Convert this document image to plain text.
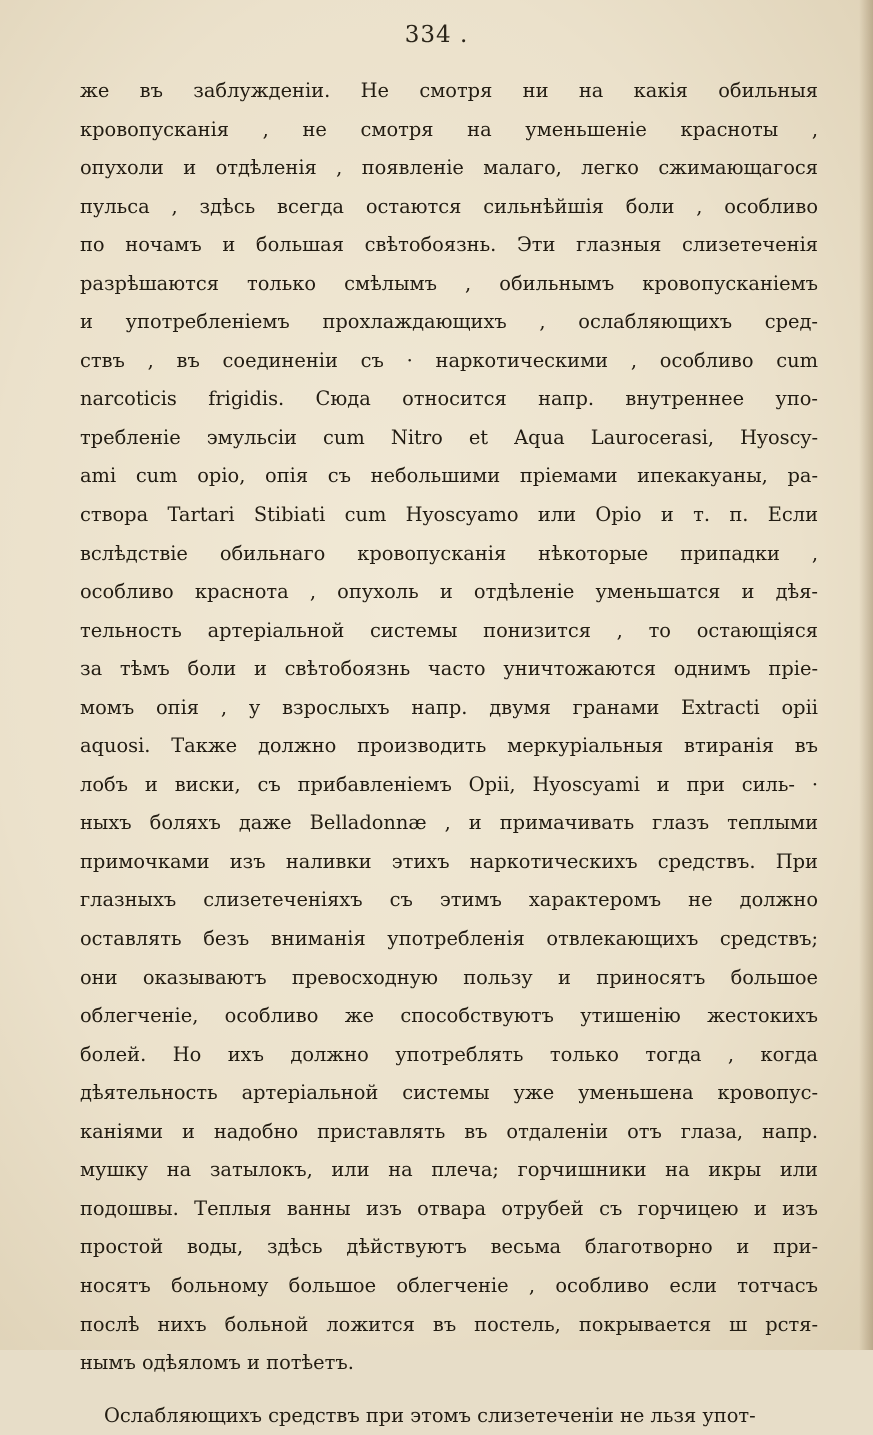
334 .
же въ заблужденіи. Не смотря ни на какія обильныя
кровопусканія , не смотря на уменьшеніе красноты ,
опухоли и отдѣленія , появленіе малаго, легко сжимающагося
пульса , здѣсь всегда остаются сильнѣйшія боли , особливо
по ночамъ и большая свѣтобоязнь. Эти глазныя слизетеченія
разрѣшаются только смѣлымъ , обильнымъ кровопусканіемъ
и употребленіемъ прохлаждающихъ , ослабляющихъ сред-
ствъ , въ соединеніи съ · наркотическими , особливо cum
narcoticis frigidis. Сюда относится напр. внутреннее упо-
требленіе эмульсіи cum Nitro et Aqua Laurocerasi, Hyoscy-
ami cum opio, опія съ небольшими пріемами ипекакуаны, ра-
створа Tartari Stibiati cum Hyoscyamo или Opio и т. п. Если
вслѣдствіе обильнаго кровопусканія нѣкоторые припадки ,
особливо краснота , опухоль и отдѣленіе уменьшатся и дѣя-
тельность артеріальной системы понизится , то остающіяся
за тѣмъ боли и свѣтобоязнь часто уничтожаются однимъ прie-
момъ опія , у взрослыхъ напр. двумя гранами Extracti opii
aquosi. Также должно производить меркуріальныя втиранія въ
лобъ и виски, съ прибавленіемъ Opii, Hyoscyami и при силь- ·
ныхъ боляхъ даже Belladonnæ , и примачивать глазъ теплыми
примочками изъ наливки этихъ наркотическихъ средствъ. При
глазныхъ слизетеченіяхъ съ этимъ характеромъ не должно
оставлять безъ вниманія употребленія отвлекающихъ средствъ;
они оказываютъ превосходную пользу и приносятъ большое
облегченіе, особливо же способствуютъ утишенію жестокихъ
болей. Но ихъ должно употреблять только тогда , когда
дѣятельность артеріальной системы уже уменьшена кровопус-
каніями и надобно приставлять въ отдаленіи отъ глаза, напр.
мушку на затылокъ, или на плеча; горчишники на икры или
подошвы. Теплыя ванны изъ отвара отрубей съ горчицею и изъ
простой воды, здѣсь дѣйствуютъ весьма благотворно и при-
носятъ больному большое облегченіе , особливо если тотчасъ
послѣ нихъ больной ложится въ постель, покрывается ш рстя-
нымъ одѣяломъ и потѣетъ.
Ослабляющихъ средствъ при этомъ слизетеченіи не льзя упот-
